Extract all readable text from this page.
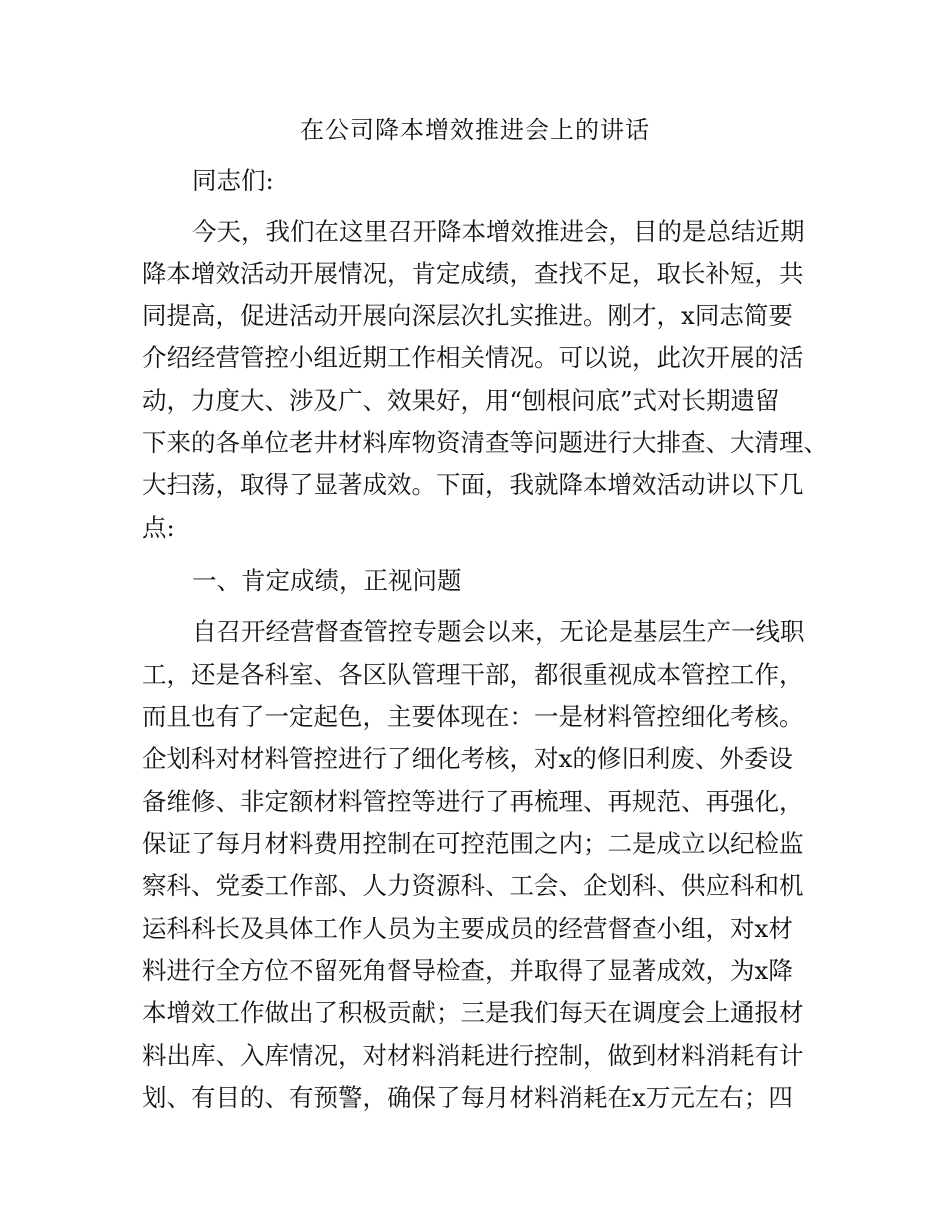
在公司降本增效推进会上的讲话
同志们:
今天，我们在这里召开降本增效推进会，目的是总结近期
降本增效活动开展情况，肯定成绩，查找不足，取长补短，共
同提高，促进活动开展向深层次扎实推进。刚才，x同志简要
介绍经营管控小组近期工作相关情况。可以说，此次开展的活
动，力度大、涉及广、效果好，用“刨根问底”式对长期遗留
下来的各单位老井材料库物资清查等问题进行大排查、大清理、
大扫荡，取得了显著成效。下面，我就降本增效活动讲以下几
点:
一、肯定成绩，正视问题
自召开经营督查管控专题会以来，无论是基层生产一线职
工，还是各科室、各区队管理干部，都很重视成本管控工作，
而且也有了一定起色，主要体现在：一是材料管控细化考核。
企划科对材料管控进行了细化考核，对x的修旧利废、外委设
备维修、非定额材料管控等进行了再梳理、再规范、再强化，
保证了每月材料费用控制在可控范围之内；二是成立以纪检监
察科、党委工作部、人力资源科、工会、企划科、供应科和机
运科科长及具体工作人员为主要成员的经营督查小组，对x材
料进行全方位不留死角督导检查，并取得了显著成效，为x降
本增效工作做出了积极贡献；三是我们每天在调度会上通报材
料出库、入库情况，对材料消耗进行控制，做到材料消耗有计
划、有目的、有预警，确保了每月材料消耗在x万元左右；四
